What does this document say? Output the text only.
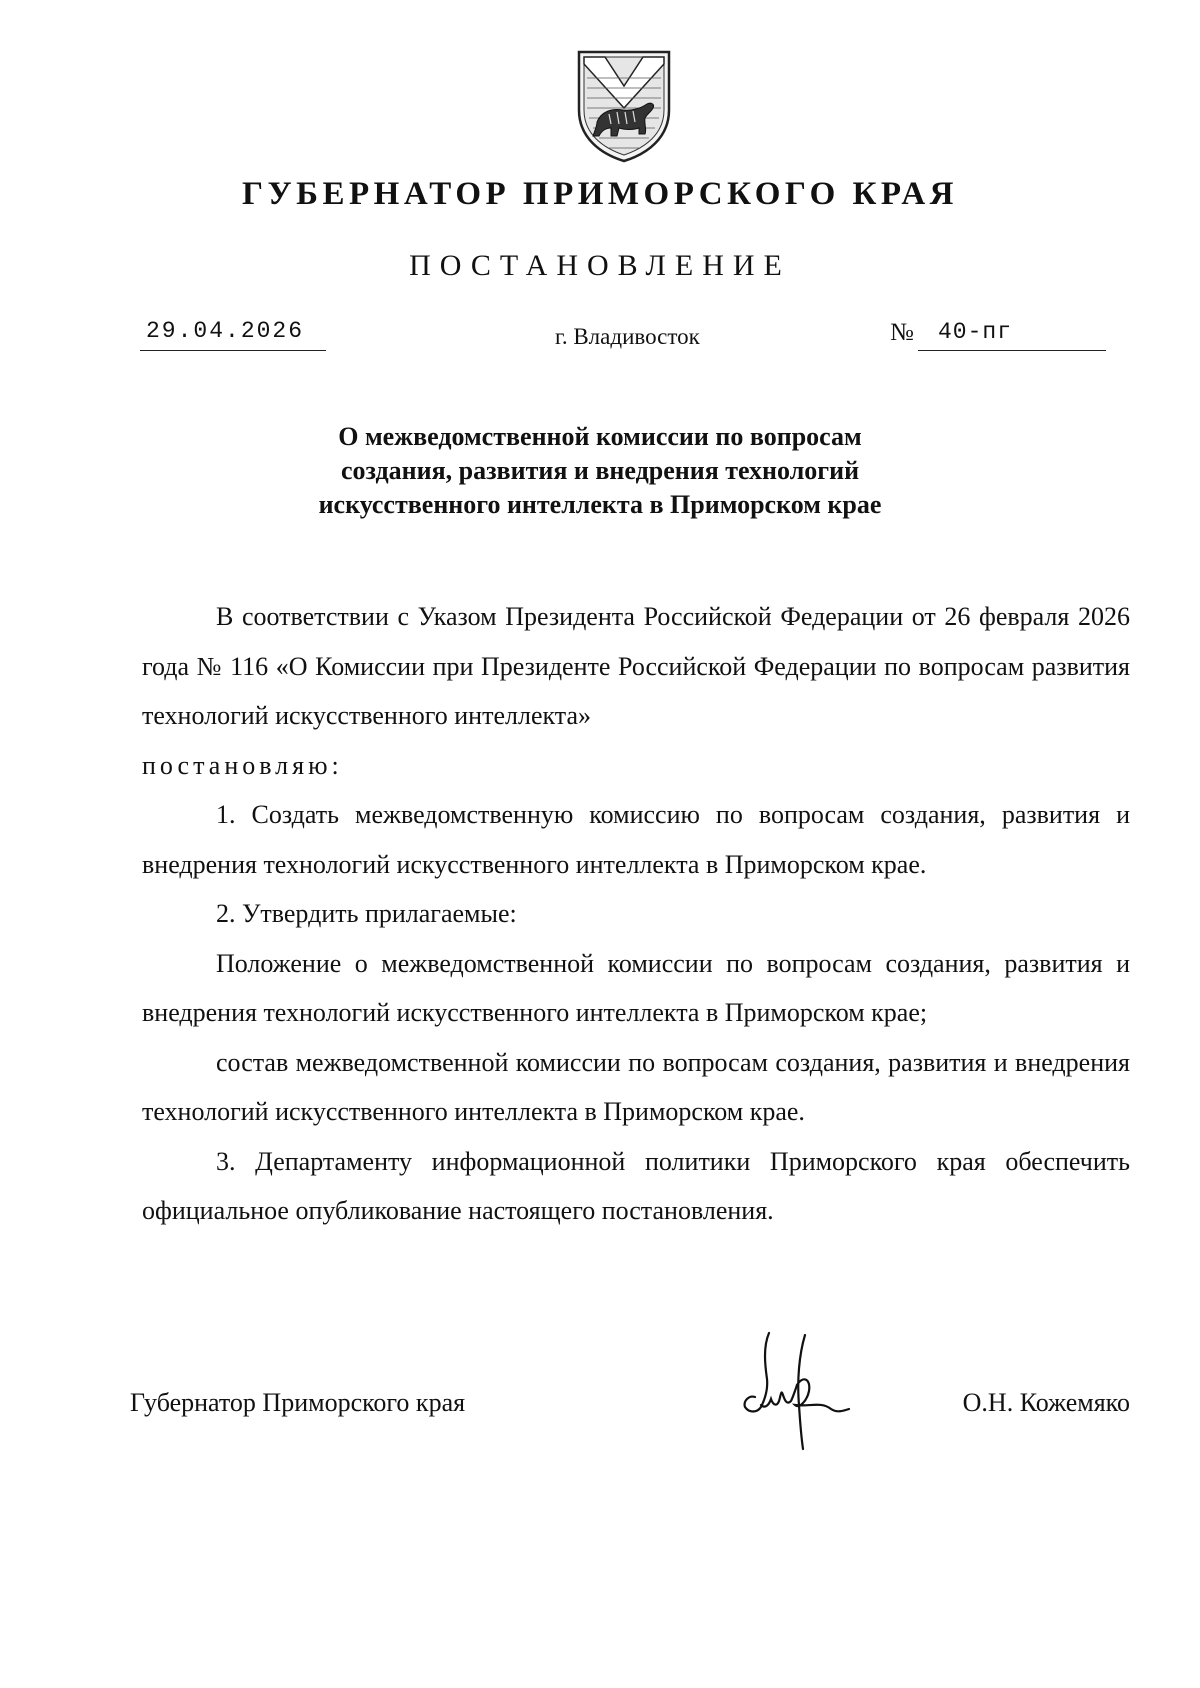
ГУБЕРНАТОР ПРИМОРСКОГО КРАЯ
ПОСТАНОВЛЕНИЕ
29.04.2026	г. Владивосток	№ 40-пг
О межведомственной комиссии по вопросам
создания, развития и внедрения технологий
искусственного интеллекта в Приморском крае

В соответствии с Указом Президента Российской Федерации от 26 февраля 2026 года № 116 «О Комиссии при Президенте Российской Федерации по вопросам развития технологий искусственного интеллекта»
постановляю:

1. Создать межведомственную комиссию по вопросам создания, развития и внедрения технологий искусственного интеллекта в Приморском крае.

2. Утвердить прилагаемые:

Положение о межведомственной комиссии по вопросам создания, развития и внедрения технологий искусственного интеллекта в Приморском крае;

состав межведомственной комиссии по вопросам создания, развития и внедрения технологий искусственного интеллекта в Приморском крае.

3. Департаменту информационной политики Приморского края обеспечить официальное опубликование настоящего постановления.

Губернатор Приморского края	О.Н. Кожемяко
